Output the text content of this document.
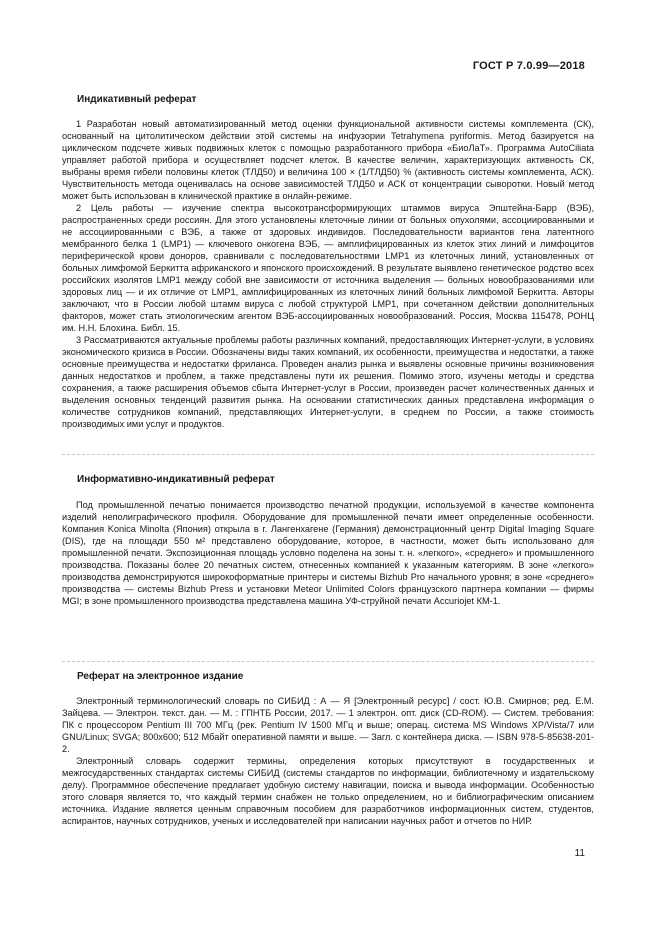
ГОСТ Р 7.0.99—2018
Индикативный реферат

1 Разработан новый автоматизированный метод оценки функциональной активности системы комплемента (СК), основанный на цитолитическом действии этой системы на инфузории Tetrahymena pyriformis. Метод базируется на циклическом подсчете живых подвижных клеток с помощью разработанного прибора «БиоЛаТ». Программа AutoCiliata управляет работой прибора и осуществляет подсчет клеток. В качестве величин, характеризующих активность СК, выбраны время гибели половины клеток (ТЛД50) и величина 100 × (1/ТЛД50) % (активность системы комплемента, АСК). Чувствительность метода оценивалась на основе зависимостей ТЛД50 и АСК от концентрации сыворотки. Новый метод может быть использован в клинической практике в онлайн-режиме.

2 Цель работы — изучение спектра высокотрансформирующих штаммов вируса Эпштейна-Барр (ВЭБ), распространенных среди россиян. Для этого установлены клеточные линии от больных опухолями, ассоциированными и не ассоциированными с ВЭБ, а также от здоровых индивидов. Последовательности вариантов гена латентного мембранного белка 1 (LMP1) — ключевого онкогена ВЭБ, — амплифицированных из клеток этих линий и лимфоцитов периферической крови доноров, сравнивали с последовательностями LMP1 из клеточных линий, установленных от больных лимфомой Беркитта африканского и японского происхождений. В результате выявлено генетическое родство всех российских изолятов LMP1 между собой вне зависимости от источника выделения — больных новообразованиями или здоровых лиц — и их отличие от LMP1, амплифицированных из клеточных линий больных лимфомой Беркитта. Авторы заключают, что в России любой штамм вируса с любой структурой LMP1, при сочетанном действии дополнительных факторов, может стать этиологическим агентом ВЭБ-ассоциированных новообразований. Россия, Москва 115478, РОНЦ им. Н.Н. Блохина. Библ. 15.

3 Рассматриваются актуальные проблемы работы различных компаний, предоставляющих Интернет-услуги, в условиях экономического кризиса в России. Обозначены виды таких компаний, их особенности, преимущества и недостатки, а также основные преимущества и недостатки фриланса. Проведен анализ рынка и выявлены основные причины возникновения данных недостатков и проблем, а также представлены пути их решения. Помимо этого, изучены методы и средства сохранения, а также расширения объемов сбыта Интернет-услуг в России, произведен расчет количественных данных и выделения основных тенденций развития рынка. На основании статистических данных представлена информация о количестве сотрудников компаний, представляющих Интернет-услуги, в среднем по России, а также стоимость производимых ими услуг и продуктов.

Информативно-индикативный реферат

Под промышленной печатью понимается производство печатной продукции, используемой в качестве компонента изделий неполиграфического профиля. Оборудование для промышленной печати имеет определенные особенности. Компания Konica Minolta (Япония) открыла в г. Лангенхагене (Германия) демонстрационный центр Digital Imaging Square (DIS), где на площади 550 м² представлено оборудование, которое, в частности, может быть использовано для промышленной печати. Экспозиционная площадь условно поделена на зоны т. н. «легкого», «среднего» и промышленного производства. Показаны более 20 печатных систем, отнесенных компанией к указанным категориям. В зоне «легкого» производства демонстрируются широкоформатные принтеры и системы Bizhub Pro начального уровня; в зоне «среднего» производства — системы Bizhub Press и установки Meteor Unlimited Colors французского партнера компании — фирмы MGI; в зоне промышленного производства представлена машина УФ-струйной печати Accuriojet КМ-1.

Реферат на электронное издание

Электронный терминологический словарь по СИБИД : А — Я [Электронный ресурс] / сост. Ю.В. Смирнов; ред. Е.М. Зайцева. — Электрон. текст. дан. — М. : ГПНТБ России, 2017. — 1 электрон. опт. диск (CD-ROM). — Систем. требования: ПК с процессором Pentium III 700 МГц (рек. Pentium IV 1500 МГц и выше; операц. система MS Windows XP/Vista/7 или GNU/Linux; SVGA; 800x600; 512 Мбайт оперативной памяти и выше. — Загл. с контейнера диска. — ISBN 978-5-85638-201-2.

Электронный словарь содержит термины, определения которых присутствуют в государственных и межгосударственных стандартах системы СИБИД (системы стандартов по информации, библиотечному и издательскому делу). Программное обеспечение предлагает удобную систему навигации, поиска и вывода информации. Особенностью этого словаря является то, что каждый термин снабжен не только определением, но и библиографическим описанием источника. Издание является ценным справочным пособием для разработчиков информационных систем, студентов, аспирантов, научных сотрудников, ученых и исследователей при написании научных работ и отчетов по НИР.

11
